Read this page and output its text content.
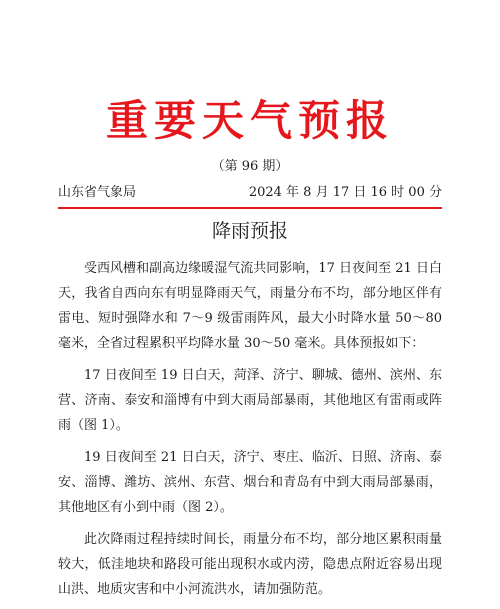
重要天气预报
（第 96 期）
山东省气象局	2024 年 8 月 17 日 16 时 00 分
降雨预报

受西风槽和副高边缘暖湿气流共同影响，17 日夜间至 21 日白天，我省自西向东有明显降雨天气，雨量分布不均，部分地区伴有雷电、短时强降水和 7～9 级雷雨阵风，最大小时降水量 50～80 毫米，全省过程累积平均降水量 30～50 毫米。具体预报如下：

17 日夜间至 19 日白天，菏泽、济宁、聊城、德州、滨州、东营、济南、泰安和淄博有中到大雨局部暴雨，其他地区有雷雨或阵雨（图 1）。

19 日夜间至 21 日白天，济宁、枣庄、临沂、日照、济南、泰安、淄博、潍坊、滨州、东营、烟台和青岛有中到大雨局部暴雨，其他地区有小到中雨（图 2）。

此次降雨过程持续时间长，雨量分布不均，部分地区累积雨量较大，低洼地块和路段可能出现积水或内涝，隐患点附近容易出现山洪、地质灾害和中小河流洪水，请加强防范。
